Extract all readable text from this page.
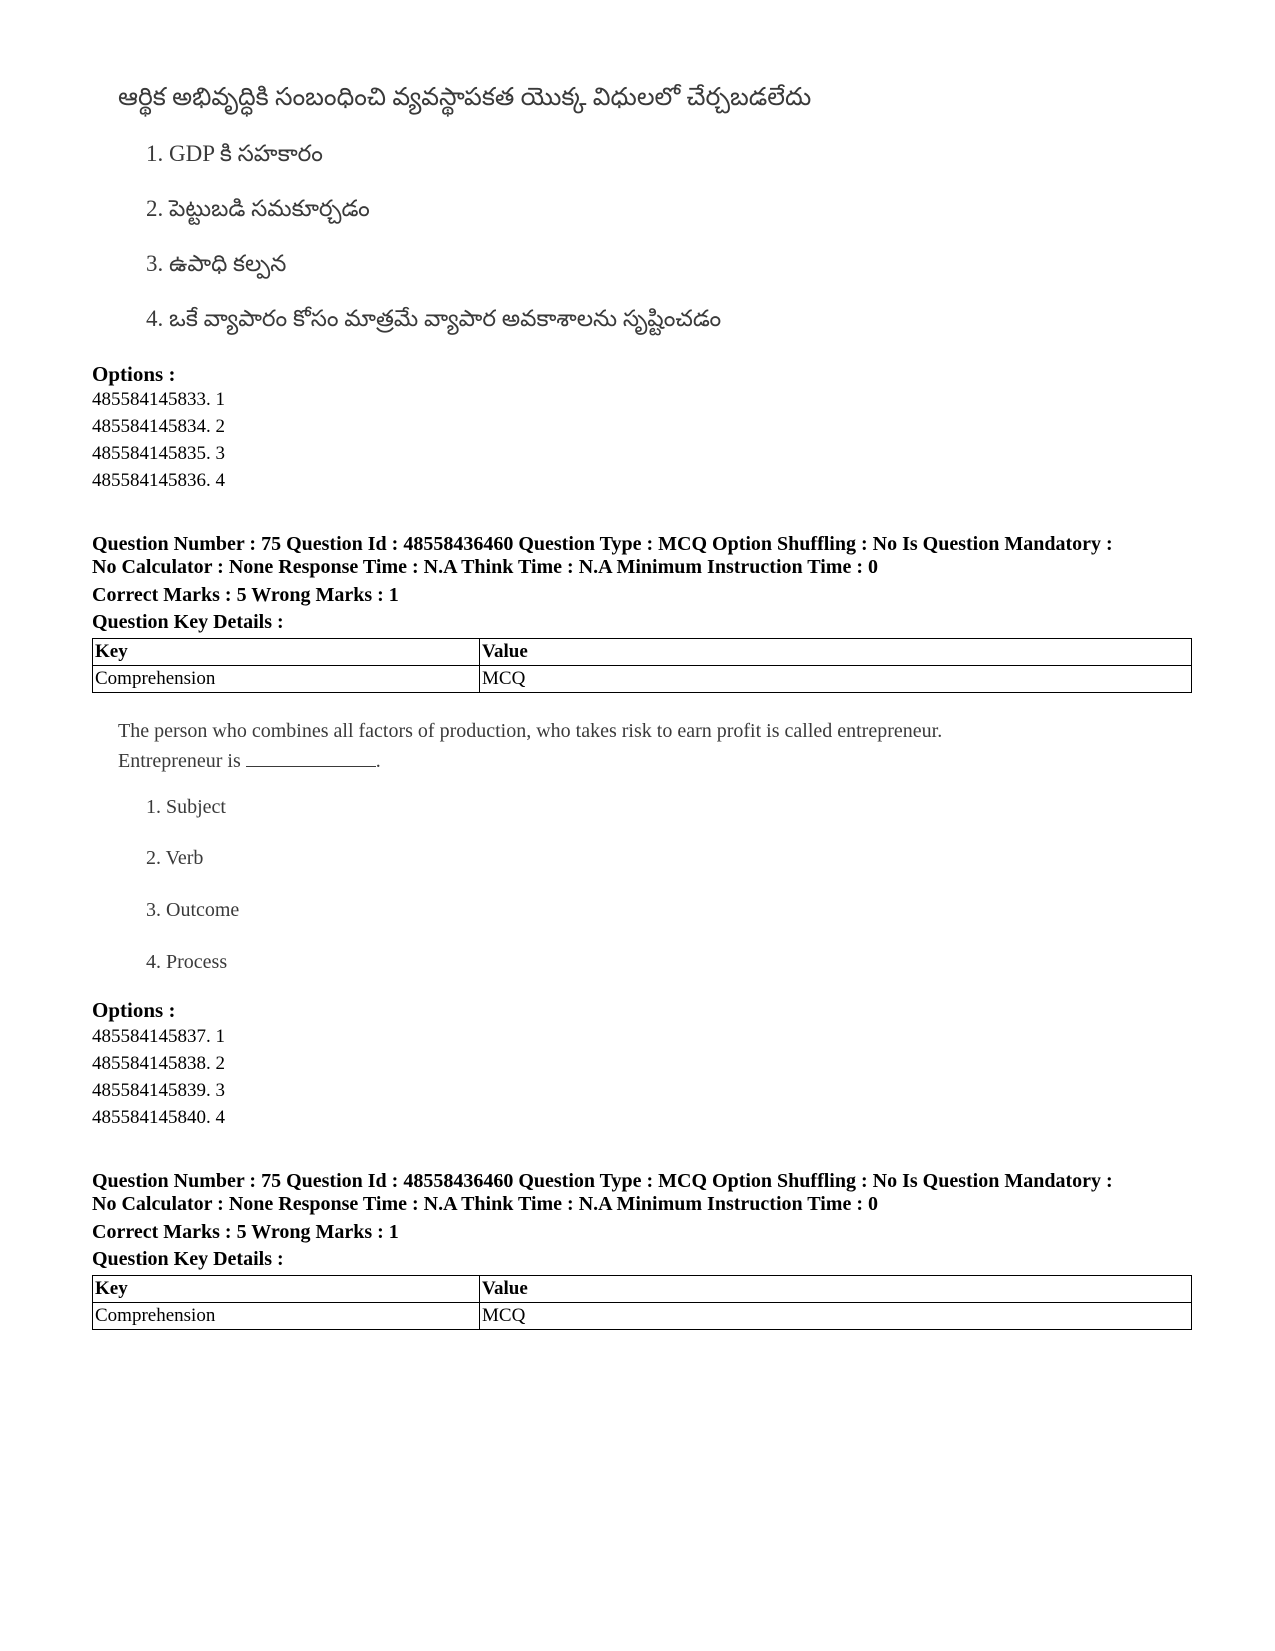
ఆర్థిక అభివృద్ధికి సంబంధించి వ్యవస్థాపకత యొక్క విధులలో చేర్చబడలేదు
1. GDP కి సహకారం
2. పెట్టుబడి సమకూర్చడం
3. ఉపాధి కల్పన
4. ఒకే వ్యాపారం కోసం మాత్రమే వ్యాపార అవకాశాలను సృష్టించడం
Options :
485584145833. 1
485584145834. 2
485584145835. 3
485584145836. 4
Question Number : 75 Question Id : 48558436460 Question Type : MCQ Option Shuffling : No Is Question Mandatory :
No Calculator : None Response Time : N.A Think Time : N.A Minimum Instruction Time : 0
Correct Marks : 5 Wrong Marks : 1
Question Key Details :
Key	Value
Comprehension	MCQ
The person who combines all factors of production, who takes risk to earn profit is called entrepreneur.
Entrepreneur is	.
1. Subject
2. Verb
3. Outcome
4. Process
Options :
485584145837. 1
485584145838. 2
485584145839. 3
485584145840. 4
Question Number : 75 Question Id : 48558436460 Question Type : MCQ Option Shuffling : No Is Question Mandatory :
No Calculator : None Response Time : N.A Think Time : N.A Minimum Instruction Time : 0
Correct Marks : 5 Wrong Marks : 1
Question Key Details :
Key	Value
Comprehension	MCQ
